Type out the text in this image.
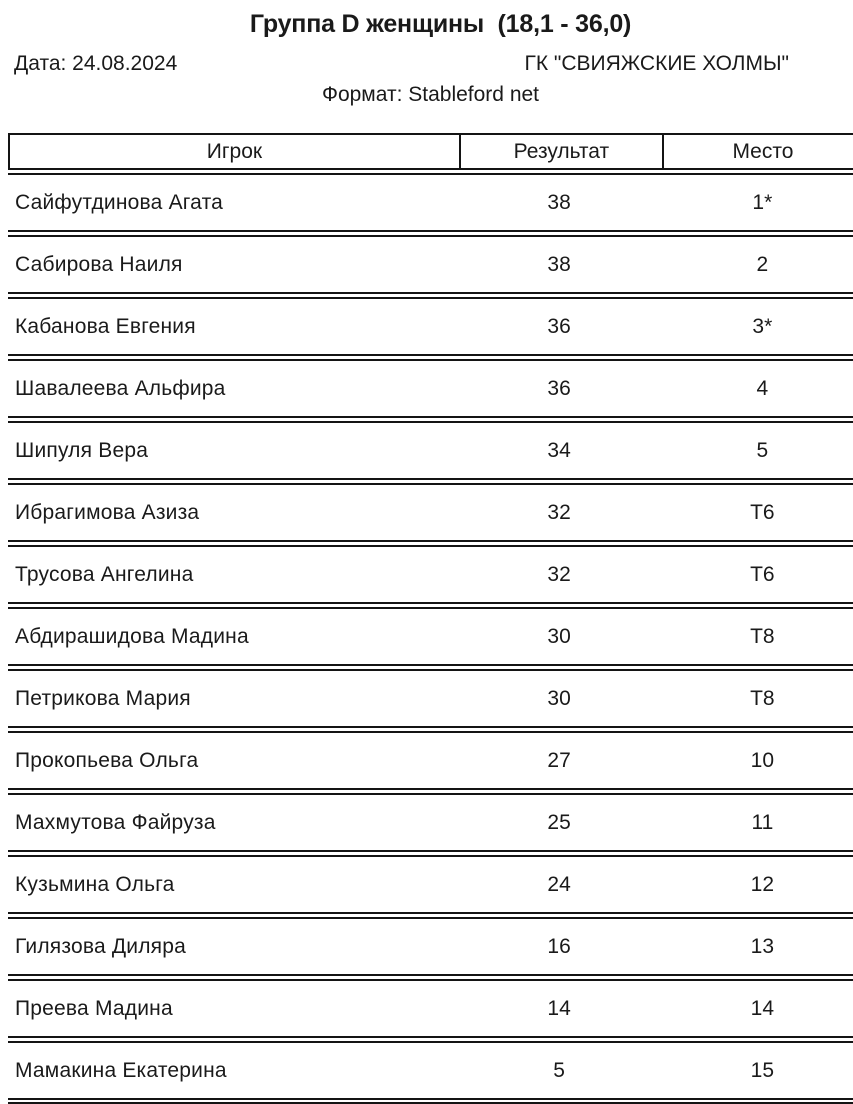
Группа D женщины  (18,1 - 36,0)
Дата: 24.08.2024	ГК "СВИЯЖСКИЕ ХОЛМЫ"
Формат: Stableford net
Игрок	Результат	Место
Сайфутдинова Агата	38	1*
Сабирова Наиля	38	2
Кабанова Евгения	36	3*
Шавалеева Альфира	36	4
Шипуля Вера	34	5
Ибрагимова Азиза	32	Т6
Трусова Ангелина	32	Т6
Абдирашидова Мадина	30	Т8
Петрикова Мария	30	Т8
Прокопьева Ольга	27	10
Махмутова Файруза	25	11
Кузьмина Ольга	24	12
Гилязова Диляра	16	13
Преева Мадина	14	14
Мамакина Екатерина	5	15
